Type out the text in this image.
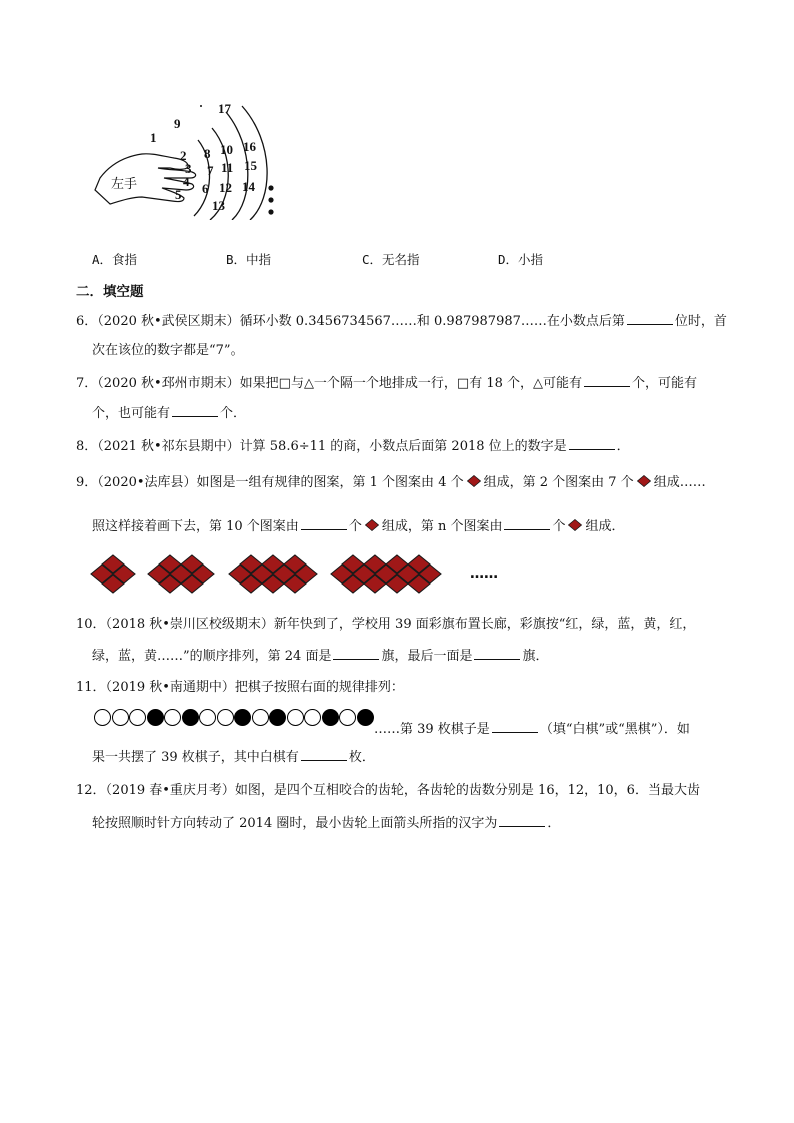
1
2
3
4
5 6
7
8
9
10
11
12
13
14
15
16
17
左手
A．食指	B．中指	C．无名指	D．小指
二．填空题
6．（2020 秋•武侯区期末）循环小数 0.3456734567……和 0.987987987……在小数点后第	位时，首
次在该位的数字都是“7”。
7．（2020 秋•邳州市期末）如果把□与△一个隔一个地排成一行，□有 18 个，△可能有	个，可能有
个，也可能有	个．
8．（2021 秋•祁东县期中）计算 58.6÷11 的商，小数点后面第 2018 位上的数字是	．
9．（2020•法库县）如图是一组有规律的图案，第 1 个图案由 4 个 组成，第 2 个图案由 7 个 组成……
照这样接着画下去，第 10 个图案由	个 组成，第 n 个图案由	个 组成．
……
10．（2018 秋•崇川区校级期末）新年快到了，学校用 39 面彩旗布置长廊，彩旗按“红，绿，蓝，黄，红，
绿，蓝，黄……”的顺序排列，第 24 面是	旗，最后一面是	旗．
11．（2019 秋•南通期中）把棋子按照右面的规律排列：
……第 39 枚棋子是	（填“白棋”或“黑棋”）．如
果一共摆了 39 枚棋子，其中白棋有	枚．
12．（2019 春•重庆月考）如图，是四个互相咬合的齿轮，各齿轮的齿数分别是 16，12，10，6．当最大齿
轮按照顺时针方向转动了 2014 圈时，最小齿轮上面箭头所指的汉字为	．
